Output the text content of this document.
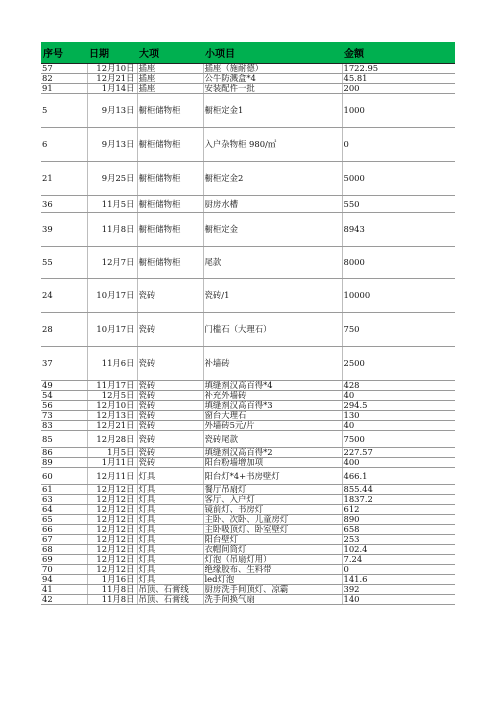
序号	日期	大项	小项目	金额
57	12月10日	插座	插座（施耐德）	1722.95
82	12月21日	插座	公牛防溅盒*4	45.81
91	1月14日	插座	安装配件一批	200
5	9月13日	橱柜储物柜	橱柜定金1	1000
6	9月13日	橱柜储物柜	入户杂物柜 980/㎡	0
21	9月25日	橱柜储物柜	橱柜定金2	5000
36	11月5日	橱柜储物柜	厨房水槽	550
39	11月8日	橱柜储物柜	橱柜定金	8943
55	12月7日	橱柜储物柜	尾款	8000
24	10月17日	瓷砖	瓷砖/1	10000
28	10月17日	瓷砖	门槛石（大理石）	750
37	11月6日	瓷砖	补墙砖	2500
49	11月17日	瓷砖	填缝剂汉高百得*4	428
54	12月5日	瓷砖	补充外墙砖	40
56	12月10日	瓷砖	填缝剂汉高百得*3	294.5
73	12月13日	瓷砖	窗台大理石	130
83	12月21日	瓷砖	外墙砖5元/片	40
85	12月28日	瓷砖	瓷砖尾款	7500
86	1月5日	瓷砖	填缝剂汉高百得*2	227.57
89	1月11日	瓷砖	阳台粉墙增加项	400
60	12月11日	灯具	阳台灯*4+书房壁灯	466.1
61	12月12日	灯具	餐厅吊扇灯	855.44
63	12月12日	灯具	客厅、入户灯	1837.2
64	12月12日	灯具	镜前灯、书房灯	612
65	12月12日	灯具	主卧、次卧、儿童房灯	890
66	12月12日	灯具	主卧吸顶灯、卧室壁灯	658
67	12月12日	灯具	阳台壁灯	253
68	12月12日	灯具	衣帽间筒灯	102.4
69	12月12日	灯具	灯泡（吊扇灯用）	7.24
70	12月12日	灯具	绝缘胶布、生料带	0
94	1月16日	灯具	led灯泡	141.6
41	11月8日	吊顶、石膏线	厨房洗手间顶灯、凉霸	392
42	11月8日	吊顶、石膏线	洗手间换气扇	140
